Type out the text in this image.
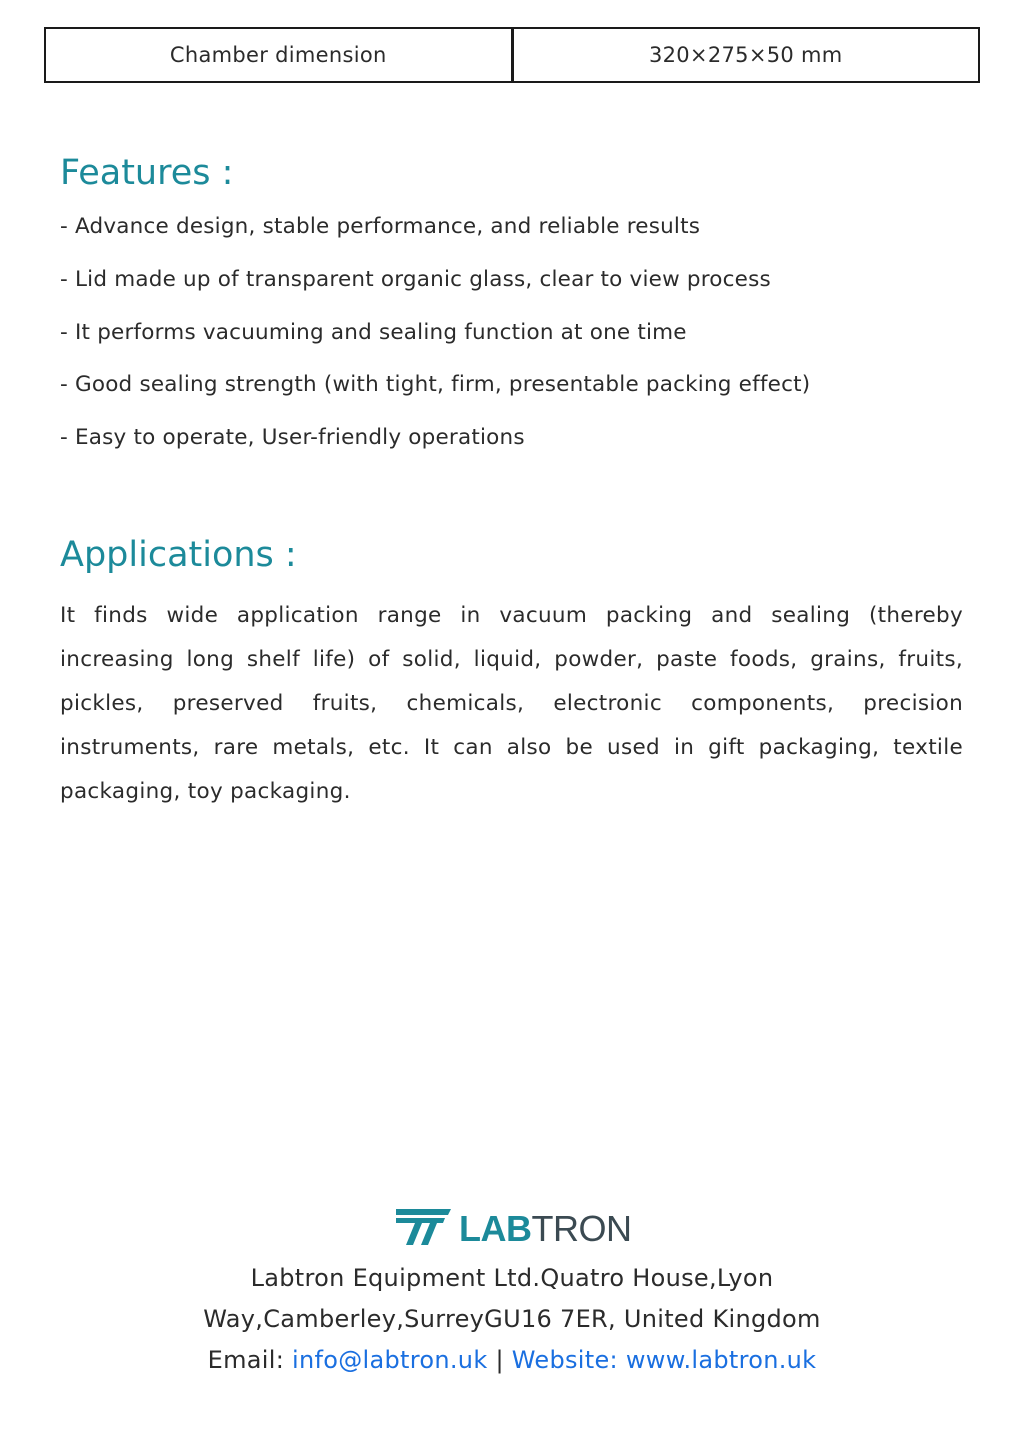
Chamber dimension	320×275×50 mm
Features :
- Advance design, stable performance, and reliable results
- Lid made up of transparent organic glass, clear to view process
- It performs vacuuming and sealing function at one time
- Good sealing strength (with tight, firm, presentable packing effect)
- Easy to operate, User-friendly operations
Applications :

It finds wide application range in vacuum packing and sealing (thereby increasing long shelf life) of solid, liquid, powder, paste foods, grains, fruits, pickles, preserved fruits, chemicals, electronic components, precision instruments, rare metals, etc. It can also be used in gift packaging, textile packaging, toy packaging.

LABTRON
Labtron Equipment Ltd.Quatro House,Lyon
Way,Camberley,SurreyGU16 7ER, United Kingdom
Email: info@labtron.uk | Website: www.labtron.uk
